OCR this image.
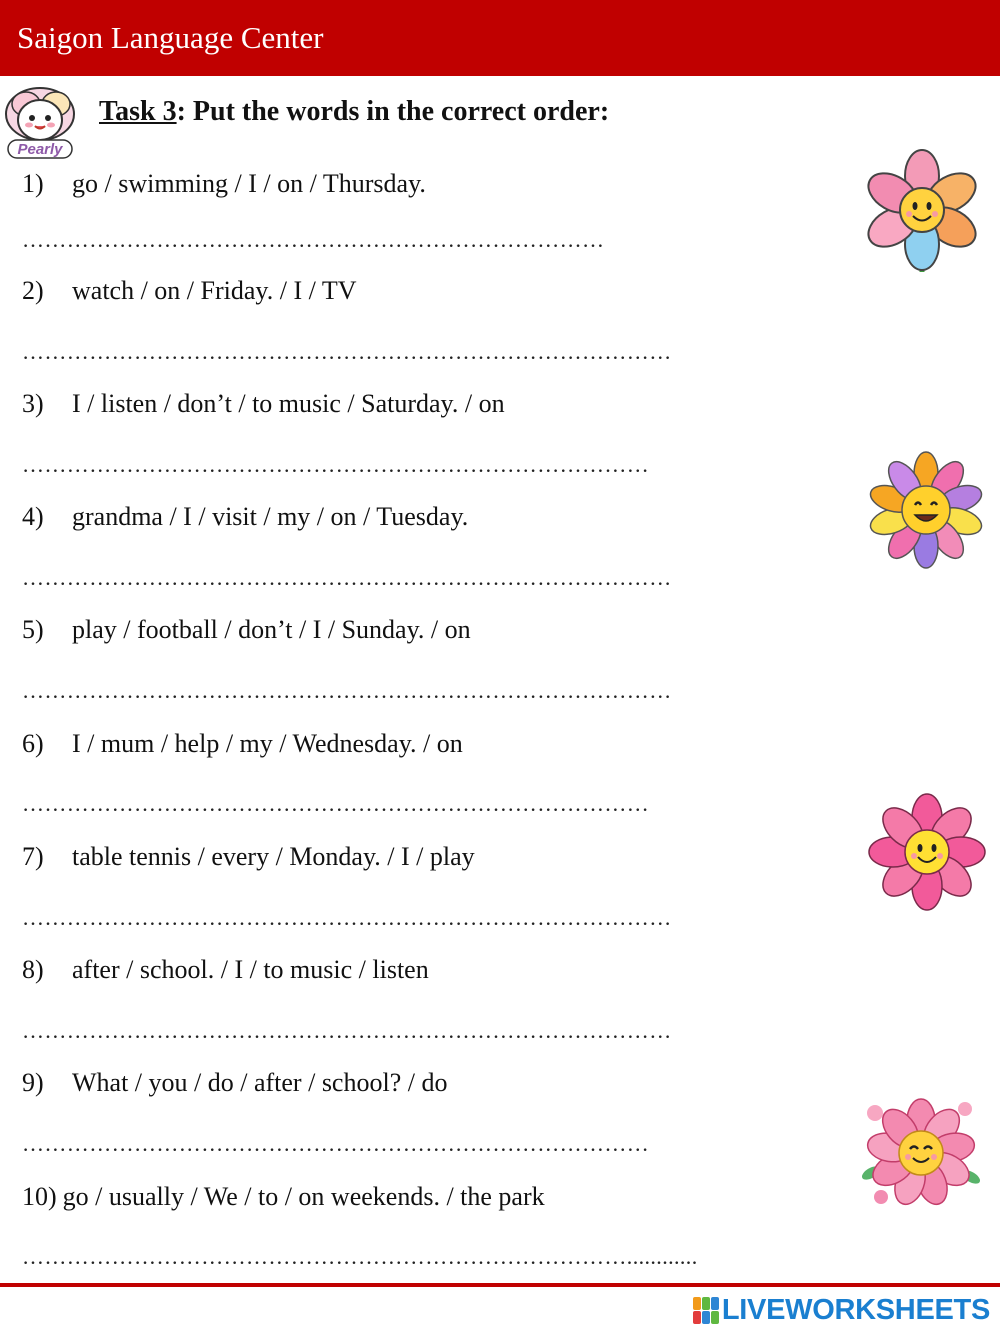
Saigon Language Center
Pearly
Task 3: Put the words in the correct order:
1) go / swimming / I / on / Thursday.
……………………………………………………………………
2) watch / on / Friday. / I / TV
……………………………………………………………………………
3) I / listen / don’t / to music / Saturday. / on
…………………………………………………………………………
4) grandma / I / visit / my / on / Tuesday.
……………………………………………………………………………
5) play / football / don’t / I / Sunday. / on
……………………………………………………………………………
6) I / mum / help / my / Wednesday. / on
…………………………………………………………………………
7) table tennis / every / Monday. / I / play
……………………………………………………………………………
8) after / school. / I / to music / listen
……………………………………………………………………………
9) What / you / do / after / school? / do
…………………………………………………………………………
10) go / usually / We / to / on weekends. / the park
………………………………………………………………………............
LIVEWORKSHEETS
